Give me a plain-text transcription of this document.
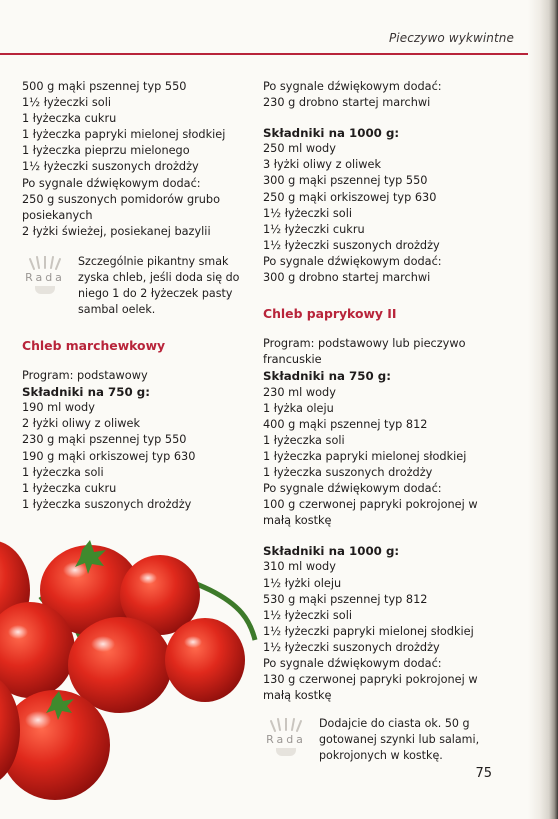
Pieczywo wykwintne
500 g mąki pszennej typ 550
1½ łyżeczki soli
1 łyżeczka cukru
1 łyżeczka papryki mielonej słodkiej
1 łyżeczka pieprzu mielonego
1½ łyżeczki suszonych drożdży
Po sygnale dźwiękowym dodać:
250 g suszonych pomidorów grubo posiekanych
2 łyżki świeżej, posiekanej bazylii
Rada
Szczególnie pikantny smak zyska chleb, jeśli doda się do niego 1 do 2 łyżeczek pasty sambal oelek.
Chleb marchewkowy
Program: podstawowy
Składniki na 750 g:
190 ml wody
2 łyżki oliwy z oliwek
230 g mąki pszennej typ 550
190 g mąki orkiszowej typ 630
1 łyżeczka soli
1 łyżeczka cukru
1 łyżeczka suszonych drożdży
Po sygnale dźwiękowym dodać:
230 g drobno startej marchwi
Składniki na 1000 g:
250 ml wody
3 łyżki oliwy z oliwek
300 g mąki pszennej typ 550
250 g mąki orkiszowej typ 630
1½ łyżeczki soli
1½ łyżeczki cukru
1½ łyżeczki suszonych drożdży
Po sygnale dźwiękowym dodać:
300 g drobno startej marchwi
Chleb paprykowy II
Program: podstawowy lub pieczywo francuskie
Składniki na 750 g:
230 ml wody
1 łyżka oleju
400 g mąki pszennej typ 812
1 łyżeczka soli
1 łyżeczka papryki mielonej słodkiej
1 łyżeczka suszonych drożdży
Po sygnale dźwiękowym dodać:
100 g czerwonej papryki pokrojonej w małą kostkę
Składniki na 1000 g:
310 ml wody
1½ łyżki oleju
530 g mąki pszennej typ 812
1½ łyżeczki soli
1½ łyżeczki papryki mielonej słodkiej
1½ łyżeczki suszonych drożdży
Po sygnale dźwiękowym dodać:
130 g czerwonej papryki pokrojonej w małą kostkę
Rada
Dodajcie do ciasta ok. 50 g gotowanej szynki lub salami, pokrojonych w kostkę.
75
